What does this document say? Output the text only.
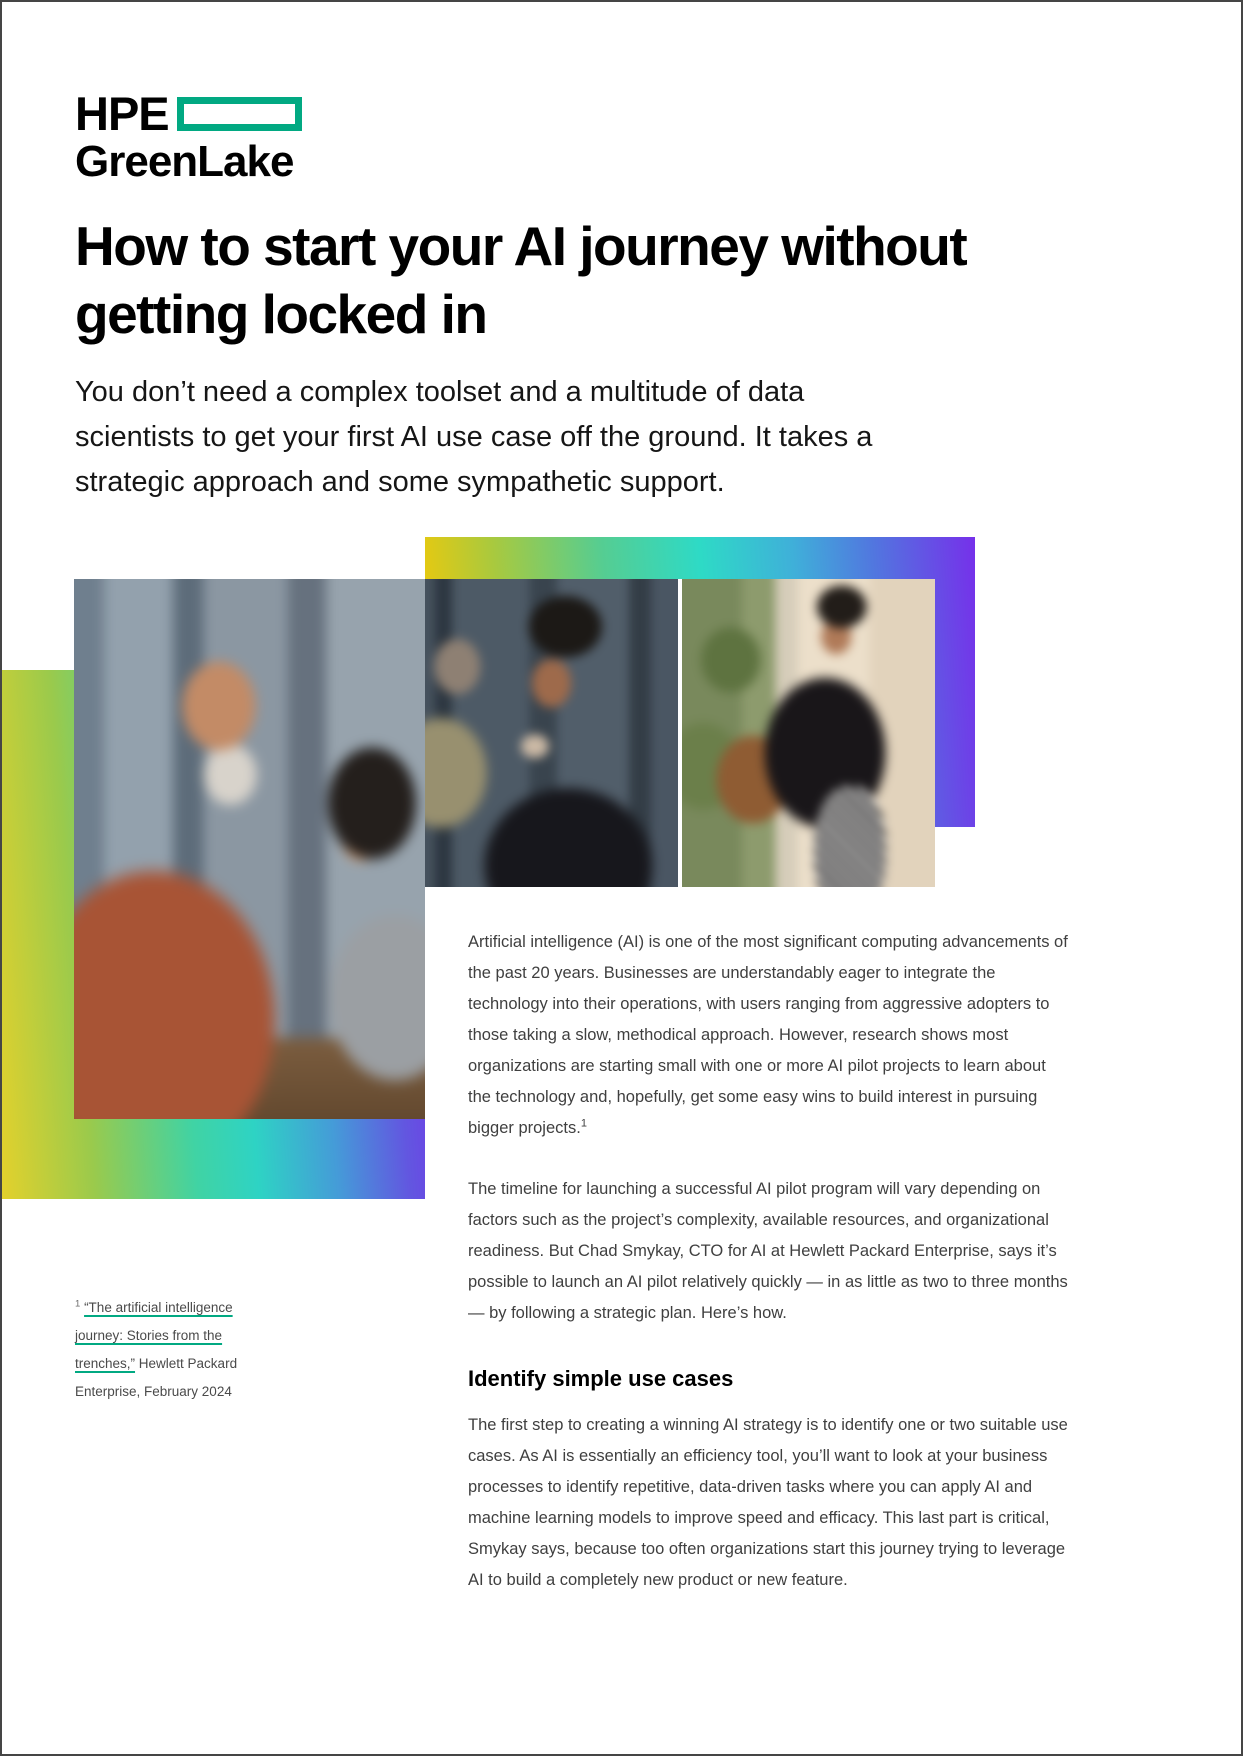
HPE
GreenLake
How to start your AI journey without
getting locked in
You don’t need a complex toolset and a multitude of data
scientists to get your first AI use case off the ground. It takes a
strategic approach and some sympathetic support.
Artificial intelligence (AI) is one of the most significant computing advancements of the past 20 years. Businesses are understandably eager to integrate the technology into their operations, with users ranging from aggressive adopters to those taking a slow, methodical approach. However, research shows most organizations are starting small with one or more AI pilot projects to learn about the technology and, hopefully, get some easy wins to build interest in pursuing bigger projects.$^1$
The timeline for launching a successful AI pilot program will vary depending on factors such as the project’s complexity, available resources, and organizational readiness. But Chad Smykay, CTO for AI at Hewlett Packard Enterprise, says it’s possible to launch an AI pilot relatively quickly — in as little as two to three months — by following a strategic plan. Here’s how.
Identify simple use cases
The first step to creating a winning AI strategy is to identify one or two suitable use cases. As AI is essentially an efficiency tool, you’ll want to look at your business processes to identify repetitive, data-driven tasks where you can apply AI and machine learning models to improve speed and efficacy. This last part is critical, Smykay says, because too often organizations start this journey trying to leverage AI to build a completely new product or new feature.
$^1$ “The artificial intelligence journey: Stories from the trenches,” Hewlett Packard Enterprise, February 2024
